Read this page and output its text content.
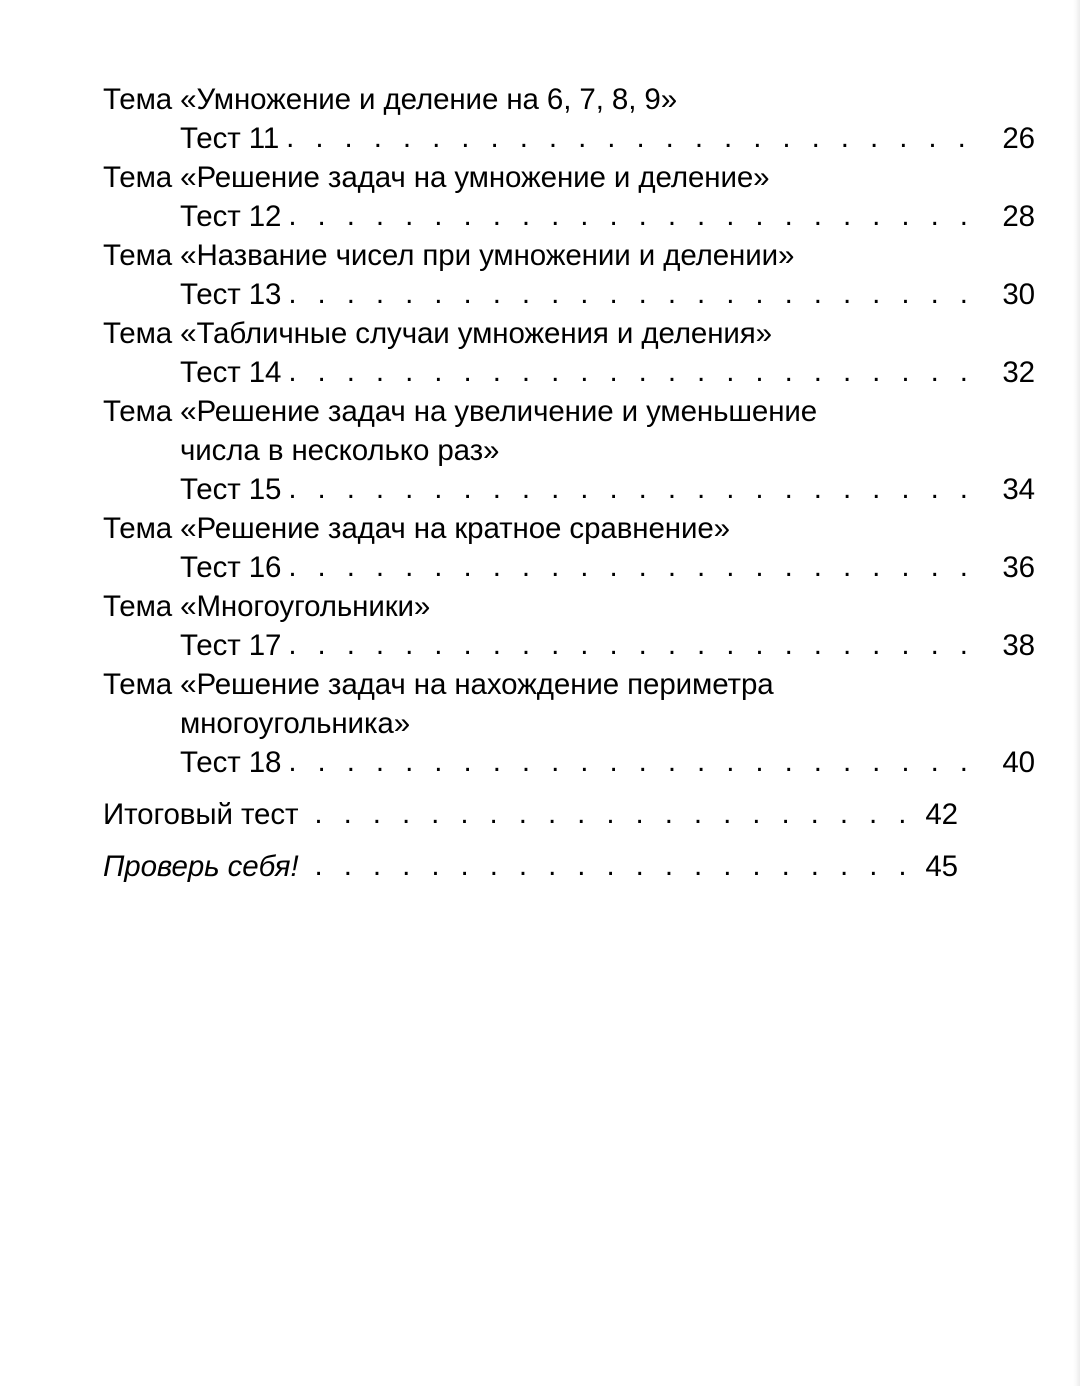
Тема «Умножение и деление на 6, 7, 8, 9»
Тест 11 . . .	26
Тема «Решение задач на умножение и деление»
Тест 12 . . .	28
Тема «Название чисел при умножении и делении»
Тест 13 . . .	30
Тема «Табличные случаи умножения и деления»
Тест 14 . . .	32
Тема «Решение задач на увеличение и уменьшение
числа в несколько раз»
Тест 15 . . .	34
Тема «Решение задач на кратное сравнение»
Тест 16 . . .	36
Тема «Многоугольники»
Тест 17 . . .	38
Тема «Решение задач на нахождение периметра
многоугольника»
Тест 18 . . .	40
Итоговый тест . . .	42
Проверь себя! . . .	45
